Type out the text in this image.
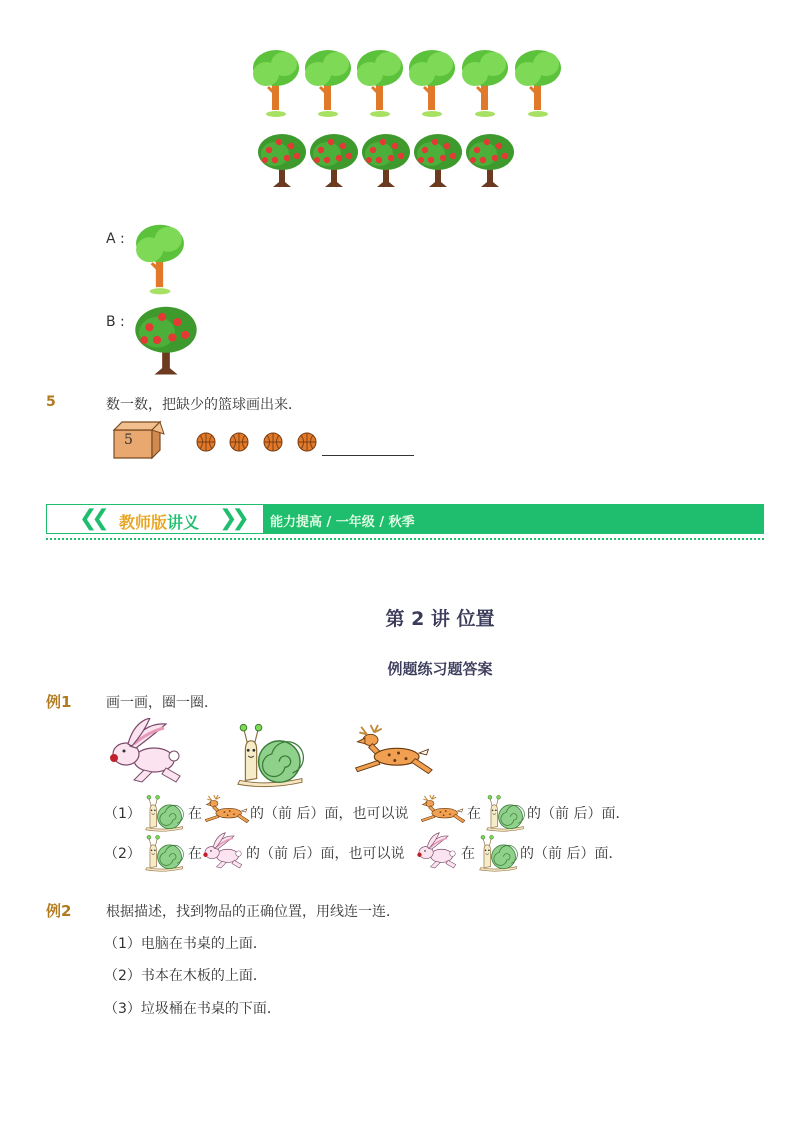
A :
B :
5	数一数，把缺少的篮球画出来．
5
❮❮ 教师版讲义 ❯❯ 能力提高 / 一年级 / 秋季
第 2 讲 位置
例题练习题答案
例1 画一画，圈一圈．
（1）	在	的（前 后）面，也可以说	在	的（前 后）面．
（2）	在	的（前 后）面，也可以说	在	的（前 后）面．
例2 根据描述，找到物品的正确位置，用线连一连．
（1）电脑在书桌的上面．
（2）书本在木板的上面．
（3）垃圾桶在书桌的下面．
